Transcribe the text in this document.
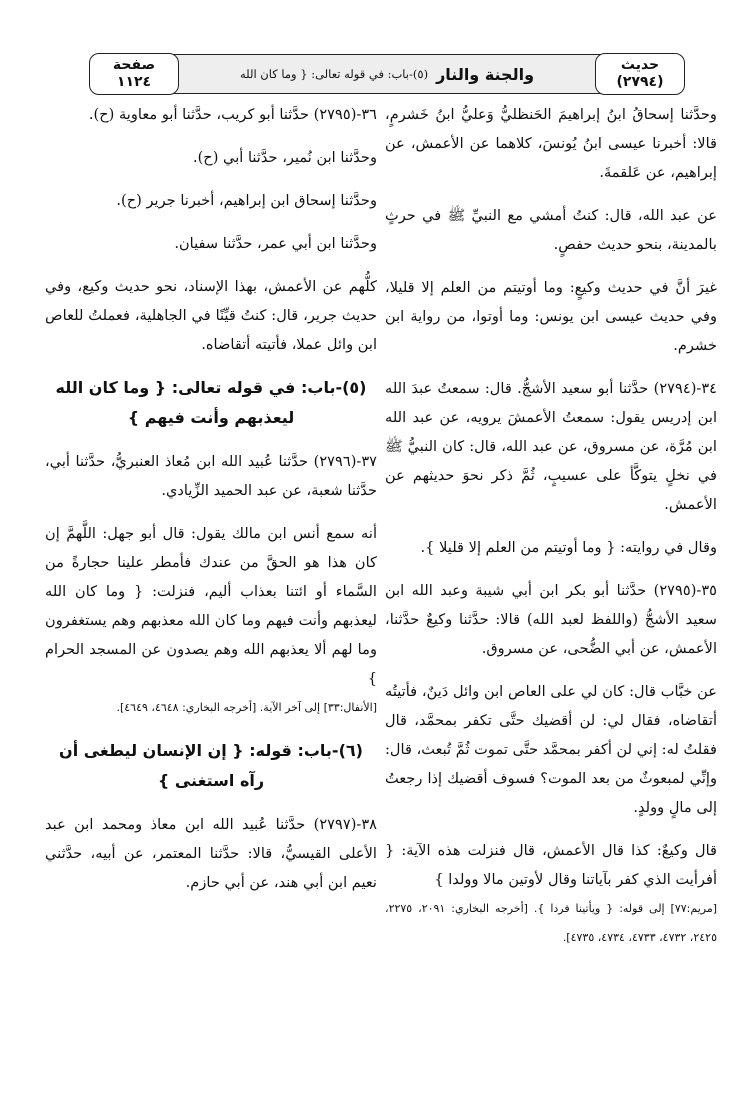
حديث
(٢٧٩٤)
والجنة والنار
(٥)-باب: في قوله تعالى: { وما كان الله
صفحة
١١٢٤

وحدَّثنا إسحاقُ ابنُ إبراهيمَ الحَنظليُّ وَعليُّ ابنُ خَشرمٍ، قالا: أخبرنا عيسى ابنُ يُونسَ، كلاهما عن الأعمش، عن إبراهيم، عن عَلقمةَ.

عن عبد الله، قال: كنتُ أمشي مع النبيِّ ﷺ في حرثٍ بالمدينة، بنحو حديث حفصٍ.

غيرَ أنَّ في حديث وكيعٍ: وما أوتيتم من العلم إلا قليلا، وفي حديث عيسى ابن يونس: وما أوتوا، من رواية ابن خشرم.

٣٤-(٢٧٩٤) حدَّثنا أبو سعيد الأشجُّ. قال: سمعتُ عبدَ الله ابن إدريس يقول: سمعتُ الأعمشَ يرويه، عن عبد الله ابن مُرَّة، عن مسروق، عن عبد الله، قال: كان النبيُّ ﷺ في نخلٍ يتوكَّأ على عسيبٍ، ثُمَّ ذكر نحوَ حديثهم عن الأعمش.

وقال في روايته: { وما أوتيتم من العلم إلا قليلا }.

٣٥-(٢٧٩٥) حدَّثنا أبو بكر ابن أبي شيبة وعبد الله ابن سعيد الأشجُّ (واللفظ لعبد الله) قالا: حدَّثنا وكيعٌ حدَّثنا، الأعمش، عن أبي الضُّحى، عن مسروق.

عن خبَّاب قال: كان لي على العاص ابن وائل دَينٌ، فأتيتُه أتقاضاه، فقال لي: لن أقضيك حتَّى تكفر بمحمَّد، قال فقلتُ له: إني لن أكفر بمحمَّد حتَّى تموت ثُمَّ تُبعث، قال: وإنِّي لمبعوثٌ من بعد الموت؟ فسوف أقضيك إذا رجعتُ إلى مالٍ وولدٍ.

قال وكيعٌ: كذا قال الأعمش، قال فنزلت هذه الآية: { أفرأيت الذي كفر بآياتنا وقال لأوتين مالا وولدا }

[مريم:٧٧] إلى قوله: { ويأتينا فردا }. [أخرجه البخاري: ٢٠٩١، ٢٢٧٥، ٢٤٢٥، ٤٧٣٢، ٤٧٣٣، ٤٧٣٤، ٤٧٣٥].

٣٦-(٢٧٩٥) حدَّثنا أبو كريب، حدَّثنا أبو معاوية (ح).

وحدَّثنا ابن نُمير، حدَّثنا أبي (ح).

وحدَّثنا إسحاق ابن إبراهيم، أخبرنا جرير (ح).

وحدَّثنا ابن أبي عمر، حدَّثنا سفيان.

كلُّهم عن الأعمش، بهذا الإسناد، نحو حديث وكيع، وفي حديث جرير، قال: كنتُ قيِّنًا في الجاهلية، فعملتُ للعاص ابن وائل عملا، فأتيته أتقاضاه.

(٥)-باب: في قوله تعالى: { وما كان الله ليعذبهم وأنت فيهم }

٣٧-(٢٧٩٦) حدَّثنا عُبيد الله ابن مُعاذ العنبريُّ، حدَّثنا أبي، حدَّثنا شعبة، عن عبد الحميد الزِّيادي.

أنه سمع أنس ابن مالك يقول: قال أبو جهل: اللَّهمَّ إن كان هذا هو الحقَّ من عندك فأمطر علينا حجارةً من السَّماء أو ائتنا بعذاب أليم، فنزلت: { وما كان الله ليعذبهم وأنت فيهم وما كان الله معذبهم وهم يستغفرون وما لهم ألا يعذبهم الله وهم يصدون عن المسجد الحرام }

[الأنفال:٣٣] إلى آخر الآية. [أخرجه البخاري: ٤٦٤٨، ٤٦٤٩].

(٦)-باب: قوله: { إن الإنسان ليطغى أن رآه استغنى }

٣٨-(٢٧٩٧) حدَّثنا عُبيد الله ابن معاذ ومحمد ابن عبد الأعلى القيسيُّ، قالا: حدَّثنا المعتمر، عن أبيه، حدَّثني نعيم ابن أبي هند، عن أبي حازم.
